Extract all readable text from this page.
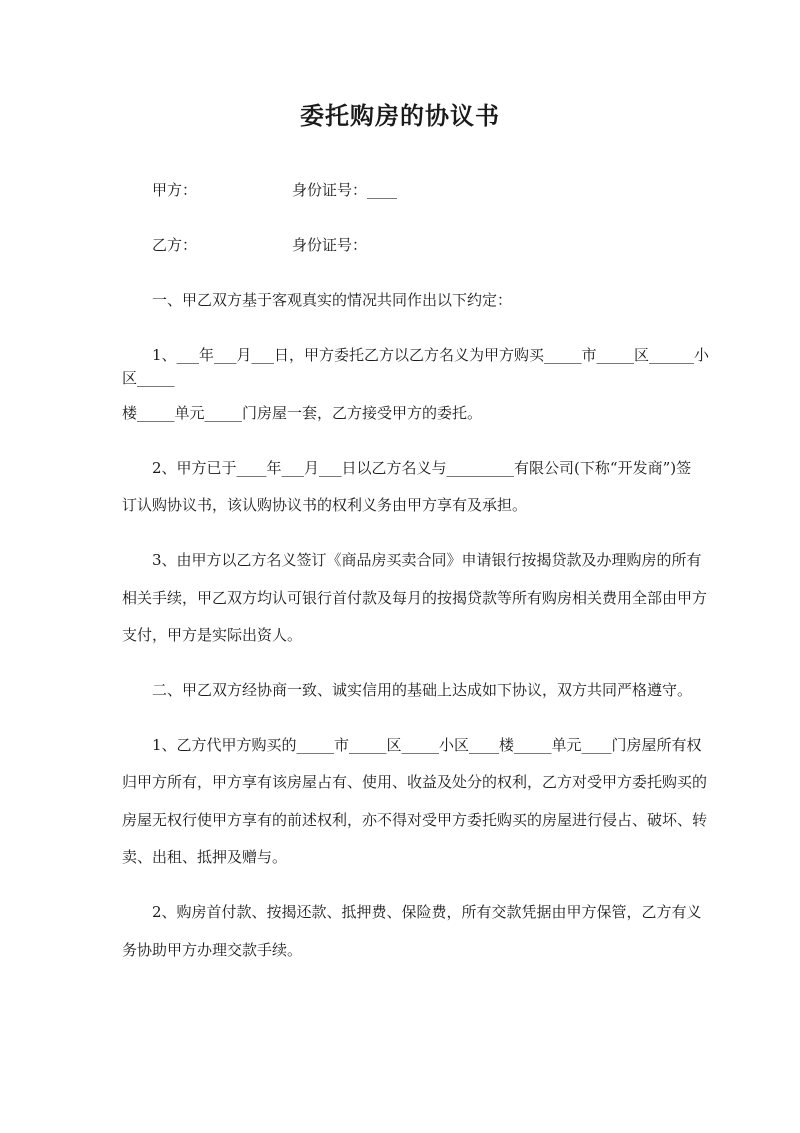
委托购房的协议书
甲方：	身份证号：____
乙方：	身份证号：
一、甲乙双方基于客观真实的情况共同作出以下约定：
1、___年___月___日，甲方委托乙方以乙方名义为甲方购买_____市_____区______小
区_____
楼_____单元_____门房屋一套，乙方接受甲方的委托。
2、甲方已于____年___月___日以乙方名义与_________有限公司(下称“开发商”)签
订认购协议书，该认购协议书的权利义务由甲方享有及承担。
3、由甲方以乙方名义签订《商品房买卖合同》申请银行按揭贷款及办理购房的所有
相关手续，甲乙双方均认可银行首付款及每月的按揭贷款等所有购房相关费用全部由甲方
支付，甲方是实际出资人。
二、甲乙双方经协商一致、诚实信用的基础上达成如下协议，双方共同严格遵守。
1、乙方代甲方购买的_____市_____区_____小区____楼_____单元____门房屋所有权
归甲方所有，甲方享有该房屋占有、使用、收益及处分的权利，乙方对受甲方委托购买的
房屋无权行使甲方享有的前述权利，亦不得对受甲方委托购买的房屋进行侵占、破坏、转
卖、出租、抵押及赠与。
2、购房首付款、按揭还款、抵押费、保险费，所有交款凭据由甲方保管，乙方有义
务协助甲方办理交款手续。
